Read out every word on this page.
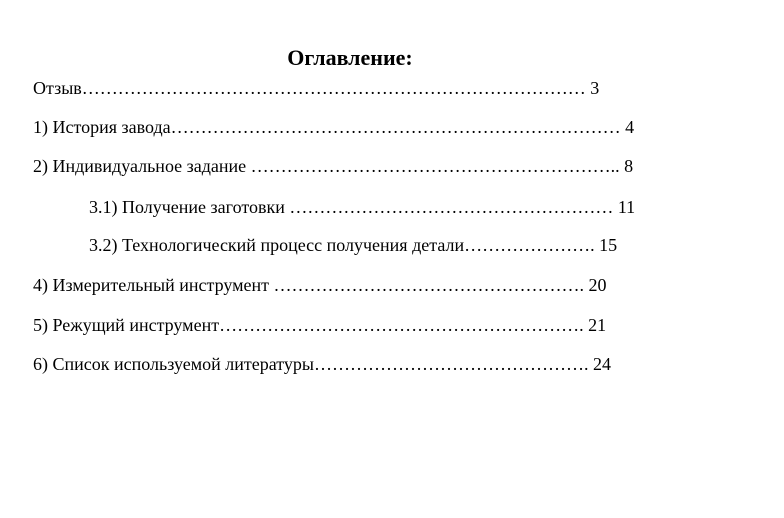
Оглавление:
Отзыв………………………………………………………………………… 3
1) История завода………………………………………………………………… 4
2) Индивидуальное задание …………………………………………………….. 8
3.1) Получение заготовки ……………………………………………… 11
3.2) Технологический процесс получения детали…………………. 15
4) Измерительный инструмент ……………………………………………. 20
5) Режущий инструмент……………………………………………………. 21
6) Список используемой литературы………………………………………. 24
